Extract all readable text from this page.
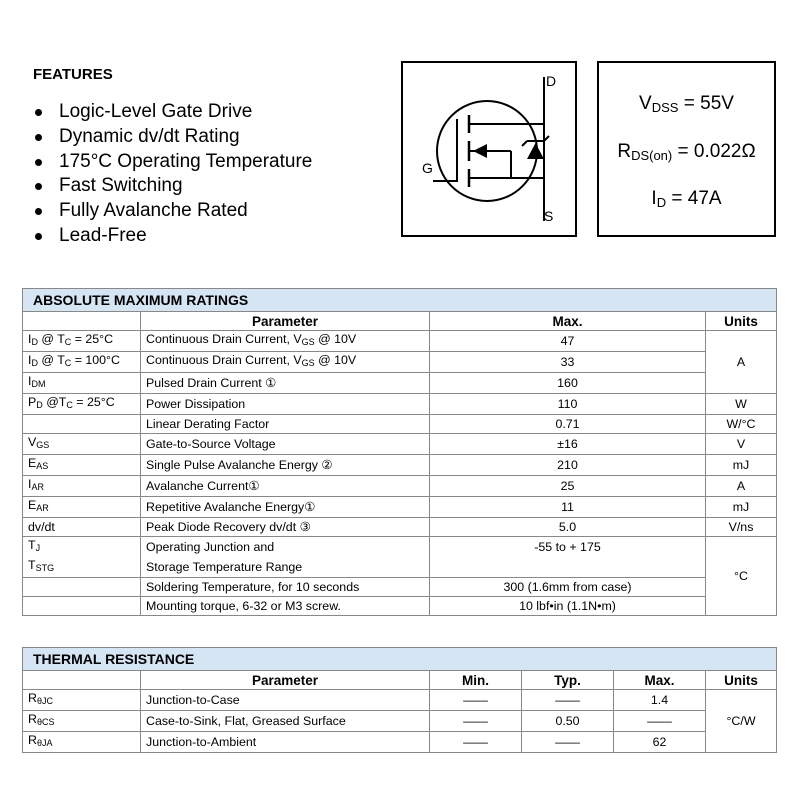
FEATURES
Logic-Level Gate Drive
Dynamic dv/dt Rating
175°C Operating Temperature
Fast Switching
Fully Avalanche Rated
Lead-Free
D
G
S
$V_{DSS} = 55V$
$R_{DS(on)} = 0.022\Omega$
$I_D = 47A$
ABSOLUTE MAXIMUM RATINGS			
	Parameter	Max.	Units
$I_D$ @ $T_C = 25^\circ C$	Continuous Drain Current, $V_{GS}$ @ 10V	47	A
$I_D$ @ $T_C = 100^\circ C$	Continuous Drain Current, $V_{GS}$ @ 10V	33	
$I_{DM}$	Pulsed Drain Current ①	160	
$P_D$ $@T_C = 25^\circ C$	Power Dissipation	110	W
	Linear Derating Factor	0.71	W/°C
$V_{GS}$	Gate-to-Source Voltage	±16	V
$E_{AS}$	Single Pulse Avalanche Energy ②	210	mJ
$I_{AR}$	Avalanche Current①	25	A
$E_{AR}$	Repetitive Avalanche Energy①	11	mJ
dv/dt	Peak Diode Recovery dv/dt ③	5.0	V/ns
$T_J$	Operating Junction and	-55 to + 175	°C
$T_{STG}$	Storage Temperature Range		
	Soldering Temperature, for 10 seconds	300 (1.6mm from case)	
	Mounting torque, 6-32 or M3 screw.	10 lbf•in (1.1N•m)	
THERMAL RESISTANCE					
	Parameter	Min.	Typ.	Max.	Units
$R_{\theta JC}$	Junction-to-Case	——	——	1.4	°C/W
$R_{\theta CS}$	Case-to-Sink, Flat, Greased Surface	——	0.50	——	
$R_{\theta JA}$	Junction-to-Ambient	——	——	62	
